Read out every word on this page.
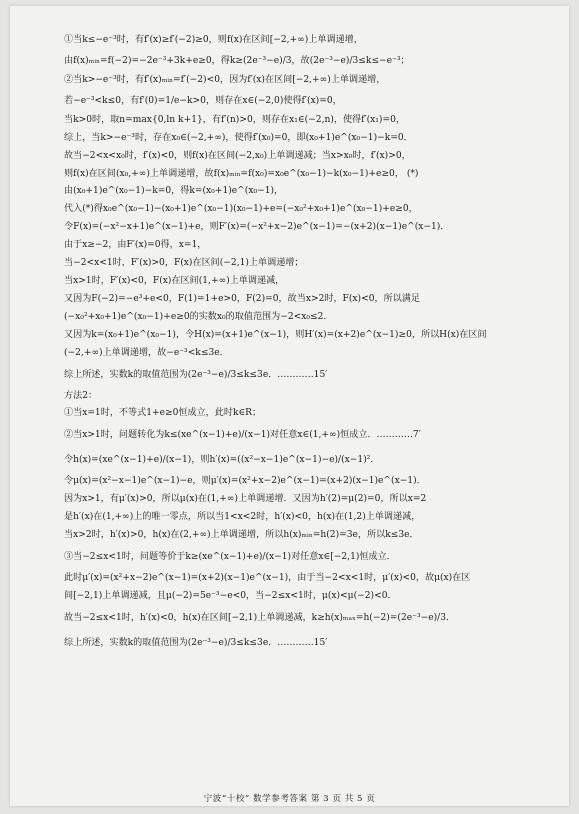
①当k≤−e⁻³时，有f′(x)≥f′(−2)≥0，则f(x)在区间[−2,+∞)上单调递增，
由f(x)ₘᵢₙ=f(−2)=−2e⁻³+3k+e≥0，得k≥(2e⁻³−e)/3，故(2e⁻³−e)/3≤k≤−e⁻³；
②当k>−e⁻³时，有f′(x)ₘᵢₙ=f′(−2)<0，因为f′(x)在区间[−2,+∞)上单调递增，
若−e⁻³<k≤0，有f′(0)=1/e−k>0，则存在x∈(−2,0)使得f′(x)=0，
当k>0时，取n=max{0,ln k+1}，有f′(n)>0，则存在x₁∈(−2,n)，使得f′(x₁)=0，
综上，当k>−e⁻³时，存在x₀∈(−2,+∞)，使得f′(x₀)=0，即(x₀+1)e^(x₀−1)−k=0．
故当−2<x<x₀时，f′(x)<0，则f(x)在区间(−2,x₀)上单调递减；当x>x₀时，f′(x)>0，
则f(x)在区间(x₀,+∞)上单调递增，故f(x)ₘᵢₙ=f(x₀)=x₀e^(x₀−1)−k(x₀−1)+e≥0， (*)
由(x₀+1)e^(x₀−1)−k=0，得k=(x₀+1)e^(x₀−1)，
代入(*)得x₀e^(x₀−1)−(x₀+1)e^(x₀−1)(x₀−1)+e=(−x₀²+x₀+1)e^(x₀−1)+e≥0，
令F(x)=(−x²−x+1)e^(x−1)+e，则F′(x)=(−x²+x−2)e^(x−1)=−(x+2)(x−1)e^(x−1)．
由于x≥−2，由F′(x)=0得，x=1，
当−2<x<1时，F′(x)>0，F(x)在区间(−2,1)上单调递增；
当x>1时，F′(x)<0，F(x)在区间(1,+∞)上单调递减，
又因为F(−2)=−e³+e<0，F(1)=1+e>0，F(2)=0，故当x>2时，F(x)<0，所以满足
(−x₀²+x₀+1)e^(x₀−1)+e≥0的实数x₀的取值范围为−2<x₀≤2．
又因为k=(x₀+1)e^(x₀−1)，令H(x)=(x+1)e^(x−1)，则H′(x)=(x+2)e^(x−1)≥0，所以H(x)在区间
(−2,+∞)上单调递增，故−e⁻³<k≤3e．
综上所述，实数k的取值范围为(2e⁻³−e)/3≤k≤3e．…………15′
方法2：
①当x=1时，不等式1+e≥0恒成立，此时k∈R；
②当x>1时，问题转化为k≤(xe^(x−1)+e)/(x−1)对任意x∈(1,+∞)恒成立．…………7′
令h(x)=(xe^(x−1)+e)/(x−1)，则h′(x)=((x²−x−1)e^(x−1)−e)/(x−1)²．
令μ(x)=(x²−x−1)e^(x−1)−e，则μ′(x)=(x²+x−2)e^(x−1)=(x+2)(x−1)e^(x−1)．
因为x>1，有μ′(x)>0，所以μ(x)在(1,+∞)上单调递增．又因为h′(2)=μ(2)=0，所以x=2
是h′(x)在(1,+∞)上的唯一零点，所以当1<x<2时，h′(x)<0，h(x)在(1,2)上单调递减，
当x>2时，h′(x)>0，h(x)在(2,+∞)上单调递增，所以h(x)ₘᵢₙ=h(2)=3e，所以k≤3e．
③当−2≤x<1时，问题等价于k≥(xe^(x−1)+e)/(x−1)对任意x∈[−2,1)恒成立．
此时μ′(x)=(x²+x−2)e^(x−1)=(x+2)(x−1)e^(x−1)，由于当−2<x<1时，μ′(x)<0，故μ(x)在区
间[−2,1)上单调递减，且μ(−2)=5e⁻³−e<0，当−2≤x<1时，μ(x)<μ(−2)<0．
故当−2≤x<1时，h′(x)<0，h(x)在区间[−2,1)上单调递减，k≥h(x)ₘₐₓ=h(−2)=(2e⁻³−e)/3．
综上所述，实数k的取值范围为(2e⁻³−e)/3≤k≤3e．…………15′
宁波“十校” 数学参考答案 第 3 页 共 5 页
